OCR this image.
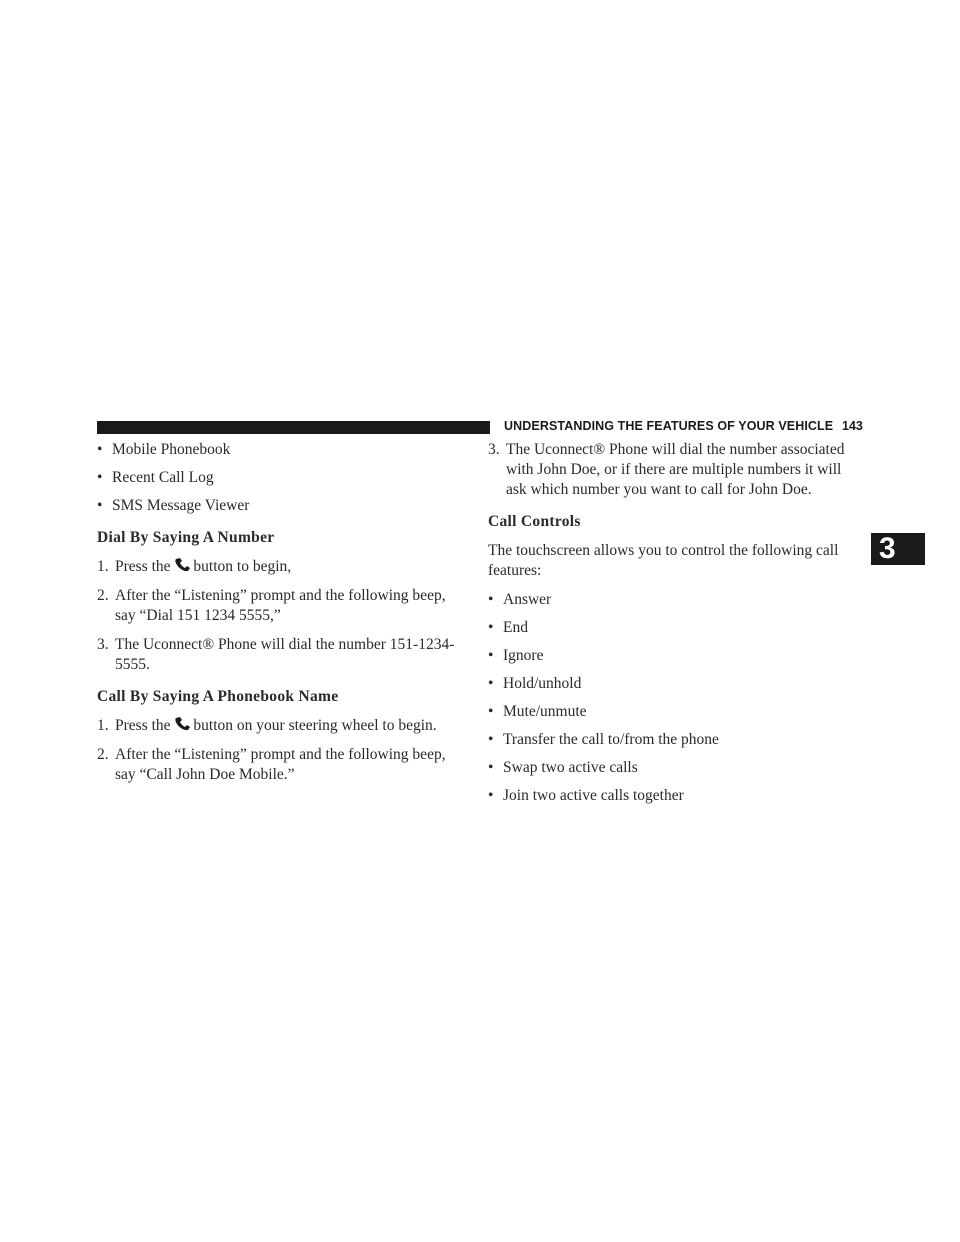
UNDERSTANDING THE FEATURES OF YOUR VEHICLE 143
3
• Mobile Phonebook
• Recent Call Log
• SMS Message Viewer
Dial By Saying A Number
1. Press the button to begin,
2. After the “Listening” prompt and the following beep,
say “Dial 151 1234 5555,”
3. The Uconnect® Phone will dial the number 151-1234-
5555.
Call By Saying A Phonebook Name
1. Press the button on your steering wheel to begin.
2. After the “Listening” prompt and the following beep,
say “Call John Doe Mobile.”
3. The Uconnect® Phone will dial the number associated
with John Doe, or if there are multiple numbers it will
ask which number you want to call for John Doe.
Call Controls
The touchscreen allows you to control the following call
features:
• Answer
• End
• Ignore
• Hold/unhold
• Mute/unmute
• Transfer the call to/from the phone
• Swap two active calls
• Join two active calls together
